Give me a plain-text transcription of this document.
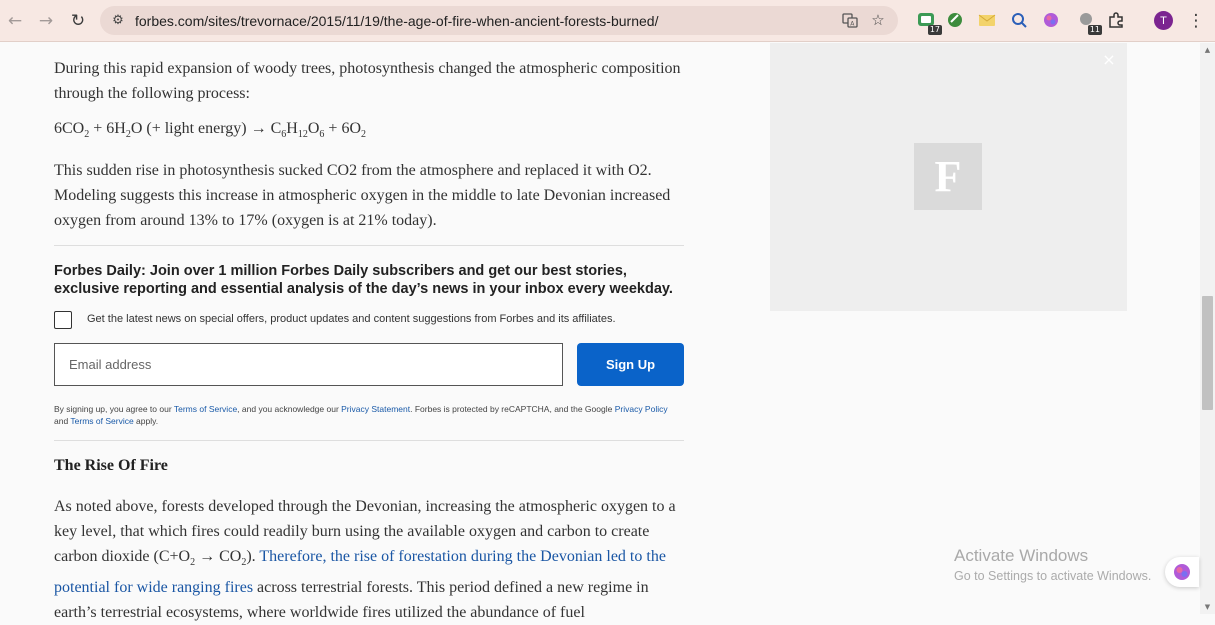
← → ↻	⚙ forbes.com/sites/trevornace/2015/11/19/the-age-of-fire-when-ancient-forests-burned/	A ☆
17	11
T	⋮

During this rapid expansion of woody trees, photosynthesis changed the atmospheric composition through the following process:

$6CO_2 + 6H_2O$ (+ light energy) → $C_6H_{12}O_6 + 6O_2$

This sudden rise in photosynthesis sucked CO2 from the atmosphere and replaced it with O2. Modeling suggests this increase in atmospheric oxygen in the middle to late Devonian increased oxygen from around 13% to 17% (oxygen is at 21% today).

Forbes Daily: Join over 1 million Forbes Daily subscribers and get our best stories, exclusive reporting and essential analysis of the day’s news in your inbox every weekday.

Get the latest news on special offers, product updates and content suggestions from Forbes and its affiliates.
Email address
Sign Up
By signing up, you agree to our Terms of Service, and you acknowledge our Privacy Statement. Forbes is protected by reCAPTCHA, and the Google Privacy Policy and Terms of Service apply.
The Rise Of Fire

As noted above, forests developed through the Devonian, increasing the atmospheric oxygen to a key level, that which fires could readily burn using the available oxygen and carbon to create carbon dioxide $(C+O_2 \to CO_2)$. Therefore, the rise of forestation during the Devonian led to the potential for wide ranging fires across terrestrial forests. This period defined a new regime in earth’s terrestrial ecosystems, where worldwide fires utilized the abundance of fuel

×
F
▲
▼
Activate Windows
Go to Settings to activate Windows.
